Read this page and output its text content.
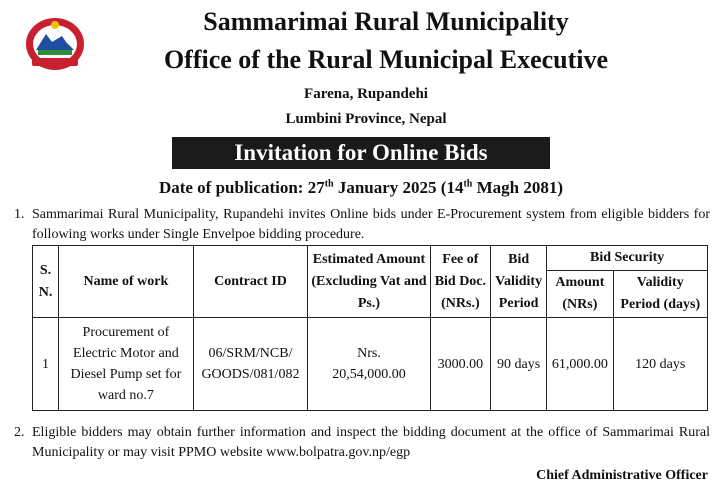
Sammarimai Rural Municipality
Office of the Rural Municipal Executive
Farena, Rupandehi
Lumbini Province, Nepal
Invitation for Online Bids
Date of publication: 27th January 2025 (14th Magh 2081)
1. Sammarimai Rural Municipality, Rupandehi invites Online bids under E-Procurement system from eligible bidders for following works under Single Envelpoe bidding procedure.
S. N.	Name of work	Contract ID	Estimated Amount (Excluding Vat and Ps.)	Fee of Bid Doc. (NRs.)	Bid Validity Period	Bid Security	
						Amount (NRs)	Validity Period (days)
1	Procurement of Electric Motor and Diesel Pump set for ward no.7	06/SRM/NCB/ GOODS/081/082	Nrs. 20,54,000.00	3000.00	90 days	61,000.00	120 days
2. Eligible bidders may obtain further information and inspect the bidding document at the office of Sammarimai Rural Municipality or may visit PPMO website www.bolpatra.gov.np/egp
Chief Administrative Officer
